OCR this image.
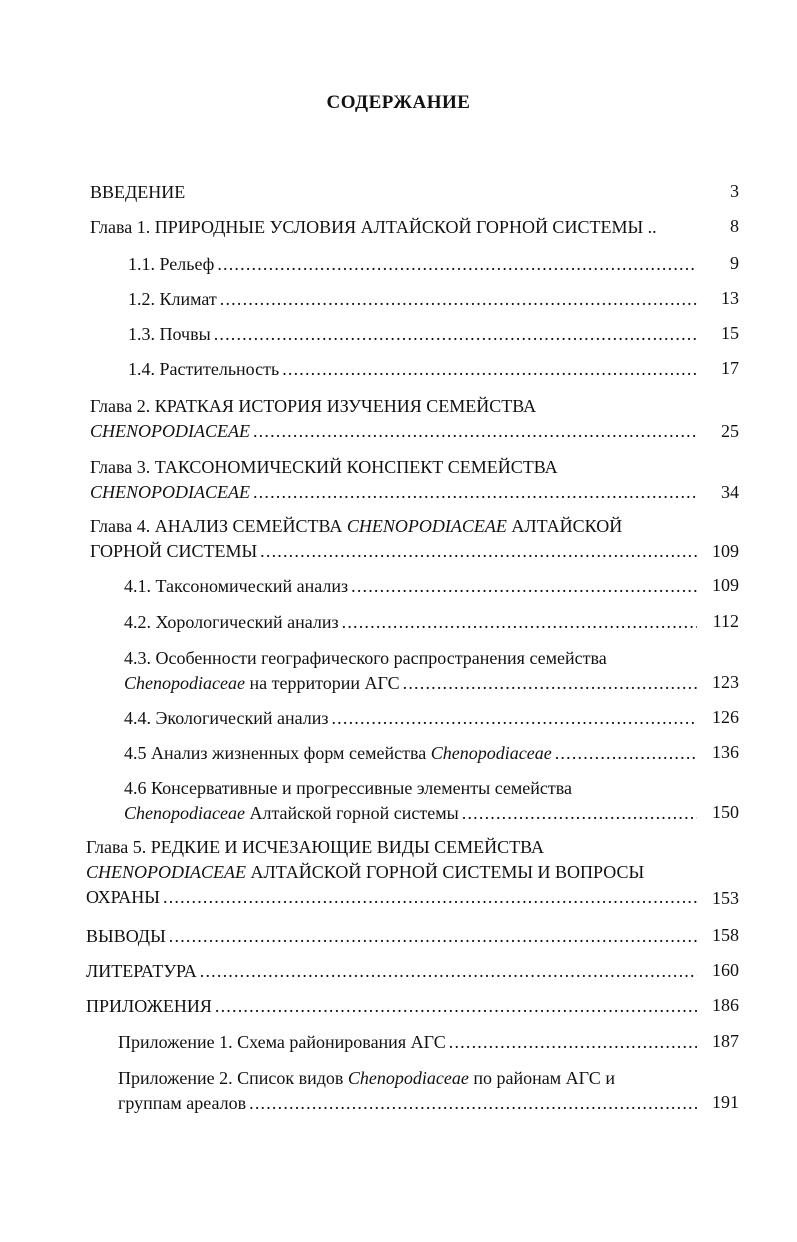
СОДЕРЖАНИЕ
ВВЕДЕНИЕ	3
Глава 1. ПРИРОДНЫЕ УСЛОВИЯ АЛТАЙСКОЙ ГОРНОЙ СИСТЕМЫ ..	8
1.1. Рельеф .....	9
1.2. Климат .....	13
1.3. Почвы .....	15
1.4. Растительность .....	17
Глава 2. КРАТКАЯ ИСТОРИЯ ИЗУЧЕНИЯ СЕМЕЙСТВА
CHENOPODIACEAE .....	25
Глава 3. ТАКСОНОМИЧЕСКИЙ КОНСПЕКТ СЕМЕЙСТВА
CHENOPODIACEAE .....	34
Глава 4. АНАЛИЗ СЕМЕЙСТВА CHENOPODIACEAE АЛТАЙСКОЙ
ГОРНОЙ СИСТЕМЫ .....	109
4.1. Таксономический анализ .....	109
4.2. Хорологический анализ .....	112
4.3. Особенности географического распространения семейства
Chenopodiaceae на территории АГС .....	123
4.4. Экологический анализ .....	126
4.5 Анализ жизненных форм семейства Chenopodiaceae .....	136
4.6 Консервативные и прогрессивные элементы семейства
Chenopodiaceae Алтайской горной системы .....	150
Глава 5. РЕДКИЕ И ИСЧЕЗАЮЩИЕ ВИДЫ СЕМЕЙСТВА
CHENOPODIACEAE АЛТАЙСКОЙ ГОРНОЙ СИСТЕМЫ И ВОПРОСЫ
ОХРАНЫ .....	153
ВЫВОДЫ .....	158
ЛИТЕРАТУРА .....	160
ПРИЛОЖЕНИЯ .....	186
Приложение 1. Схема районирования АГС .....	187
Приложение 2. Список видов Chenopodiaceae по районам АГС и
группам ареалов .....	191
